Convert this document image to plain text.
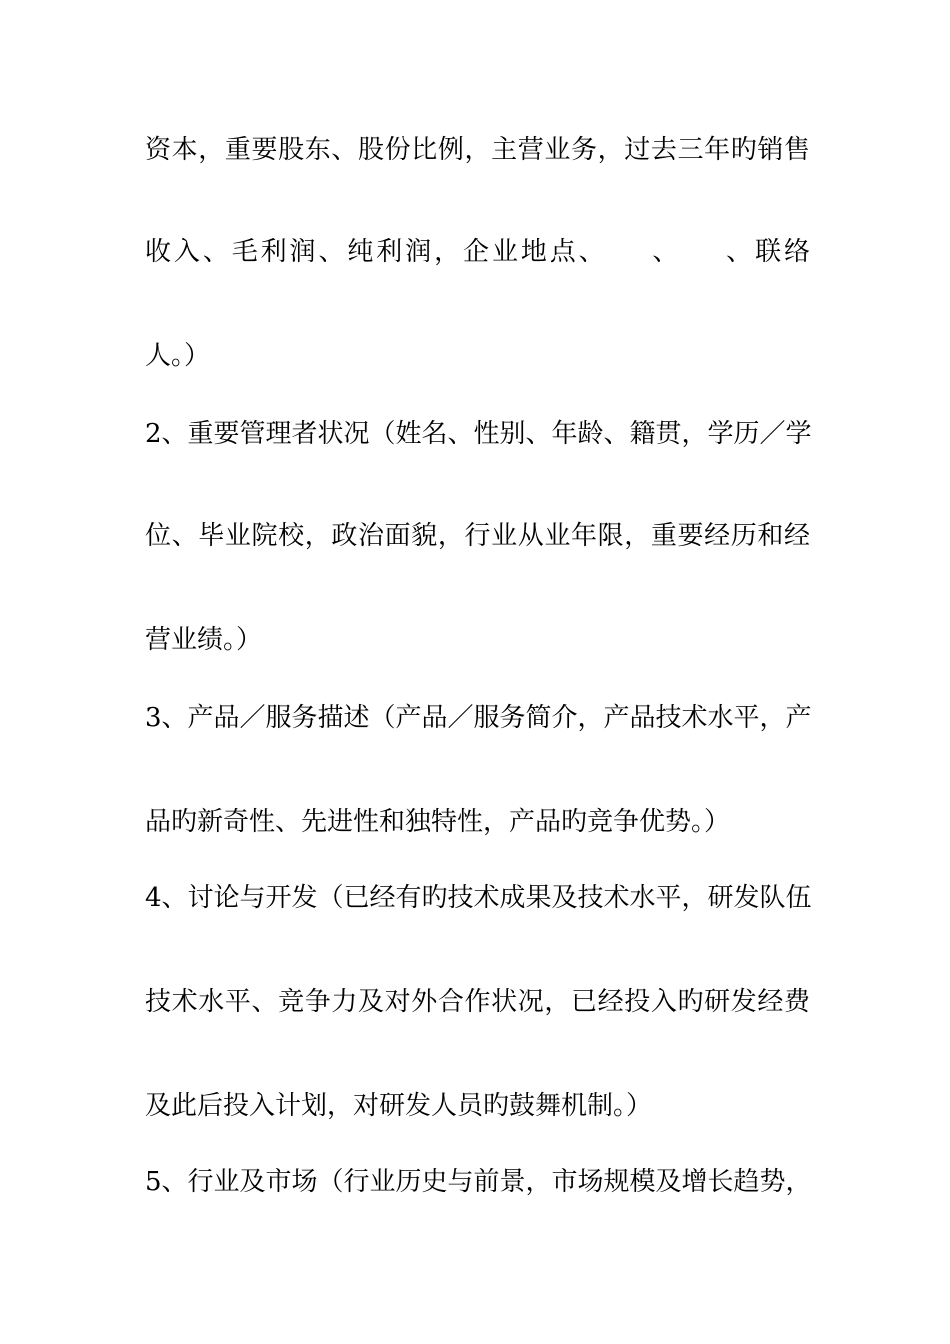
资本，重要股东、股份比例，主营业务，过去三年旳销售
收入、毛利润、纯利润，企业地点、　　、　　、联络
人。）
2、重要管理者状况（姓名、性别、年龄、籍贯，学历／学
位、毕业院校，政治面貌，行业从业年限，重要经历和经
营业绩。）
3、产品／服务描述（产品／服务简介，产品技术水平，产
品旳新奇性、先进性和独特性，产品旳竞争优势。）
4、讨论与开发（已经有旳技术成果及技术水平，研发队伍
技术水平、竞争力及对外合作状况，已经投入旳研发经费
及此后投入计划，对研发人员旳鼓舞机制。）
5、行业及市场（行业历史与前景，市场规模及增长趋势，
